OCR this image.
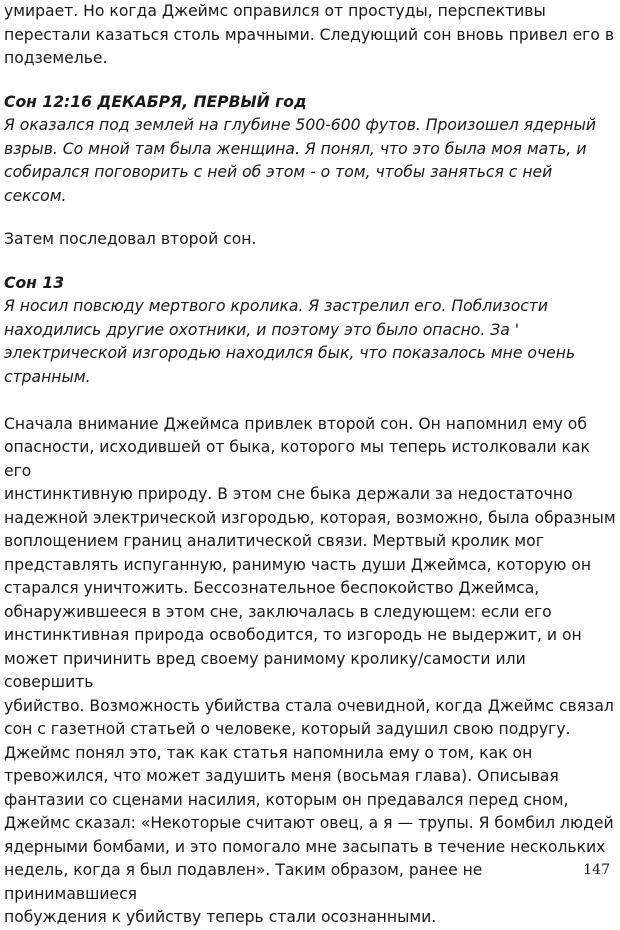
умирает. Но когда Джеймс оправился от простуды, перспективы
перестали казаться столь мрачными. Следующий сон вновь привел его в
подземелье.

Сон 12:16 ДЕКАБРЯ, ПЕРВЫЙ год

Я оказался под землей на глубине 500-600 футов. Произошел ядерный
взрыв. Со мной там была женщина. Я понял, что это была моя мать, и
собирался поговорить с ней об этом - о том, чтобы заняться с ней сексом.

Затем последовал второй сон.

Сон 13

Я носил повсюду мертвого кролика. Я застрелил его. Поблизости
находились другие охотники, и поэтому это было опасно. За '
электрической изгородью находился бык, что показалось мне очень
странным.

Сначала внимание Джеймса привлек второй сон. Он напомнил ему об
опасности, исходившей от быка, которого мы теперь истолковали как его
инстинктивную природу. В этом сне быка держали за недостаточно
надежной электрической изгородью, которая, возможно, была образным
воплощением границ аналитической связи. Мертвый кролик мог
представлять испуганную, ранимую часть души Джеймса, которую он
старался уничтожить. Бессознательное беспокойство Джеймса,
обнаружившееся в этом сне, заключалась в следующем: если его
инстинктивная природа освободится, то изгородь не выдержит, и он
может причинить вред своему ранимому кролику/самости или совершить
убийство. Возможность убийства стала очевидной, когда Джеймс связал
сон с газетной статьей о человеке, который задушил свою подругу.
Джеймс понял это, так как статья напомнила ему о том, как он
тревожился, что может задушить меня (восьмая глава). Описывая
фантазии со сценами насилия, которым он предавался перед сном,
Джеймс сказал: «Некоторые считают овец, а я — трупы. Я бомбил людей
ядерными бомбами, и это помогало мне засыпать в течение нескольких
недель, когда я был подавлен». Таким образом, ранее не принимавшиеся
побуждения к убийству теперь стали осознанными.

147
